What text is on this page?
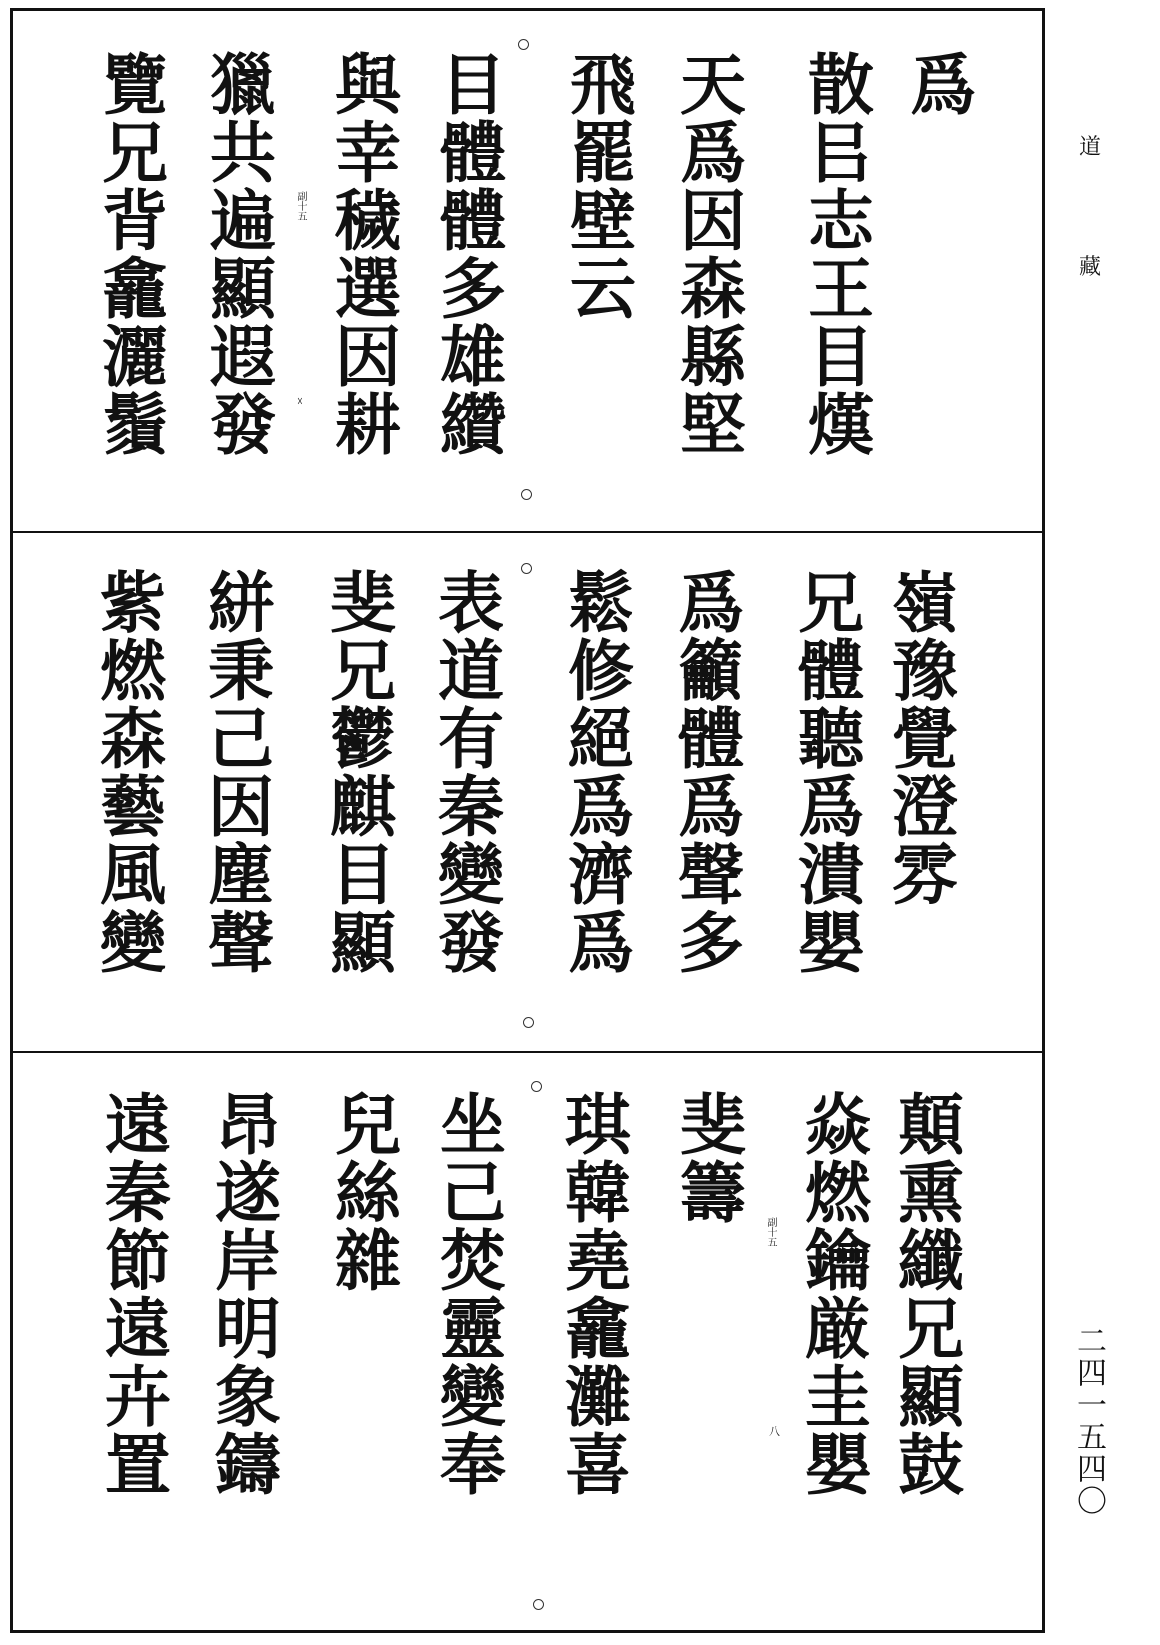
爲
散
㠯
志
王
目
熯
天
爲
因
森
縣
堅
飛
罷
壁
云
目
體
體
多
雄
纘
與
幸
穢
選
因
耕
獵
共
遍
顯
遐
發
覽
兄
背
龕
灑
鬚
副十五
☓
嶺
豫
覺
澄
雰
兄
體
聽
爲
潰
嬰
爲
籲
體
爲
聲
多
鬆
修
絕
爲
濟
爲
表
道
有
秦
變
發
斐
兄
鬱
麒
目
顯
絣
秉
己
因
塵
聲
紫
燃
森
藝
風
變
顛
熏
纖
兄
顯
鼓
焱
燃
鑰
厳
圭
嬰
斐
籌
琪
韓
堯
龕
灘
喜
坐
己
焚
靈
變
奉
兒
絲
雜
昂
遂
岸
明
象
鑄
遠
秦
節
遠
卉
置
副十五
八
道
藏
二四一五四〇
